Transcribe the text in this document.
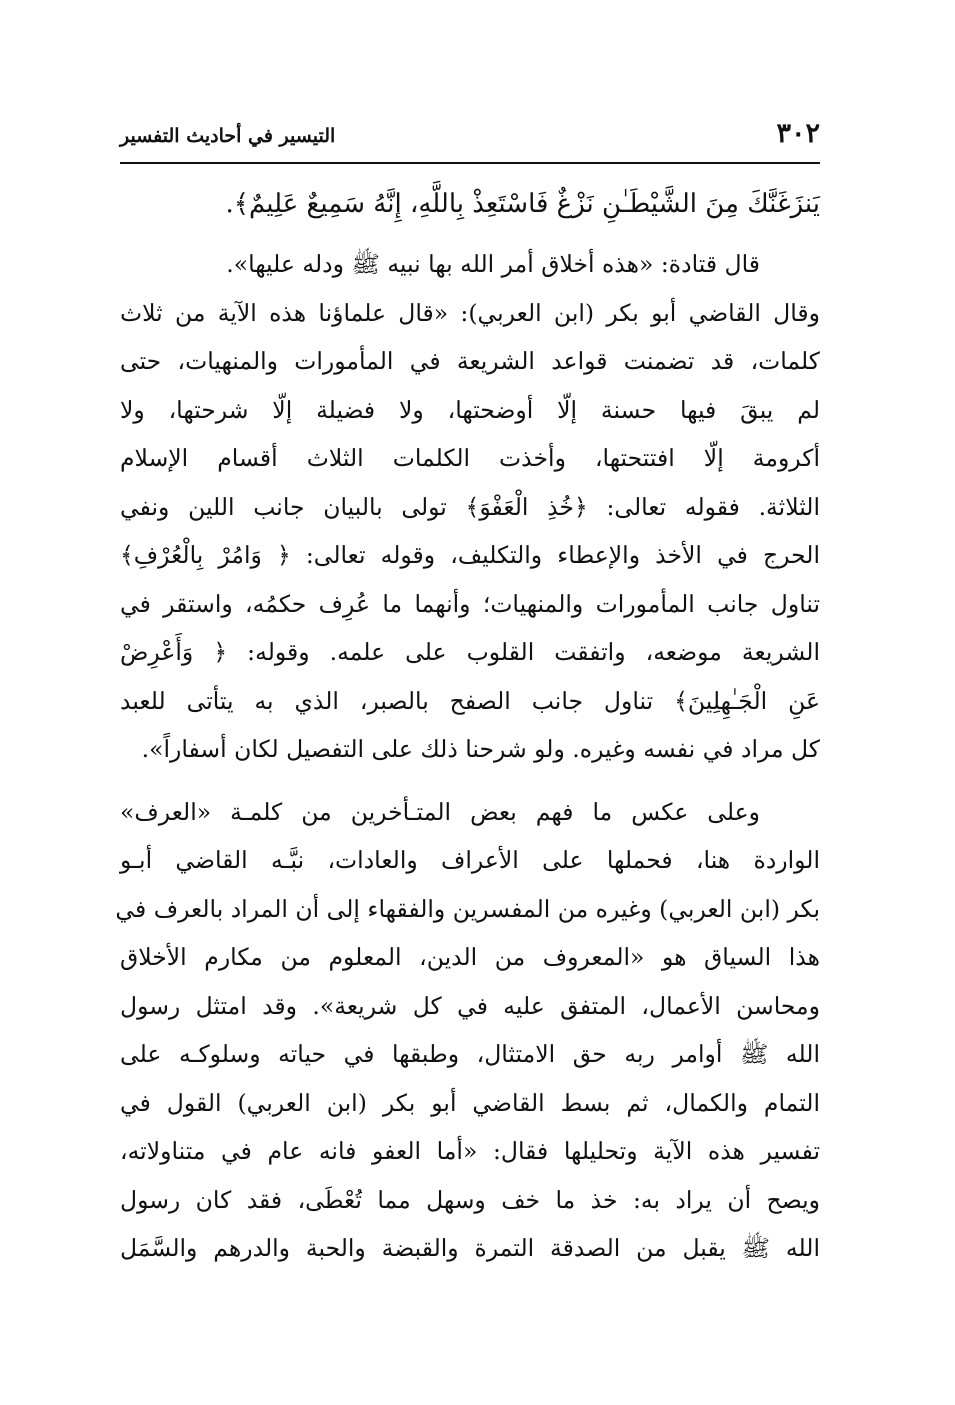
٣٠٢
التيسير في أحاديث التفسير
يَنزَغَنَّكَ مِنَ الشَّيْطَـٰنِ نَزْغٌ فَاسْتَعِذْ بِاللَّهِ، إِنَّهُ سَمِيعٌ عَلِيمٌ﴾.
قال قتادة: «هذه أخلاق أمر الله بها نبيه ﷺ ودله عليها».
وقال القاضي أبو بكر (ابن العربي): «قال علماؤنا هذه الآية من ثلاث
كلمات، قد تضمنت قواعد الشريعة في المأمورات والمنهيات، حتى
لم يبقَ فيها حسنة إلّا أوضحتها، ولا فضيلة إلّا شرحتها، ولا
أكرومة إلّا افتتحتها، وأخذت الكلمات الثلاث أقسام الإسلام
الثلاثة. فقوله تعالى: ﴿خُذِ الْعَفْوَ﴾ تولى بالبيان جانب اللين ونفي
الحرج في الأخذ والإعطاء والتكليف، وقوله تعالى: ﴿ وَامُرْ بِالْعُرْفِ﴾
تناول جانب المأمورات والمنهيات؛ وأنهما ما عُرِف حكمُه، واستقر في
الشريعة موضعه، واتفقت القلوب على علمه. وقوله: ﴿ وَأَعْرِضْ
عَنِ الْجَـٰهِلِينَ﴾ تناول جانب الصفح بالصبر، الذي به يتأتى للعبد
كل مراد في نفسه وغيره. ولو شرحنا ذلك على التفصيل لكان أسفاراً».
وعلى عكس ما فهم بعض المتـأخرين من كلمـة «العرف»
الواردة هنا، فحملها على الأعراف والعادات، نبَّـه القاضي أبـو
بكر (ابن العربي) وغيره من المفسرين والفقهاء إلى أن المراد بالعرف في
هذا السياق هو «المعروف من الدين، المعلوم من مكارم الأخلاق
ومحاسن الأعمال، المتفق عليه في كل شريعة». وقد امتثل رسول
الله ﷺ أوامر ربه حق الامتثال، وطبقها في حياته وسلوكـه على
التمام والكمال، ثم بسط القاضي أبو بكر (ابن العربي) القول في
تفسير هذه الآية وتحليلها فقال: «أما العفو فانه عام في متناولاته،
ويصح أن يراد به: خذ ما خف وسهل مما تُعْطَى، فقد كان رسول
الله ﷺ يقبل من الصدقة التمرة والقبضة والحبة والدرهم والسَّمَل
